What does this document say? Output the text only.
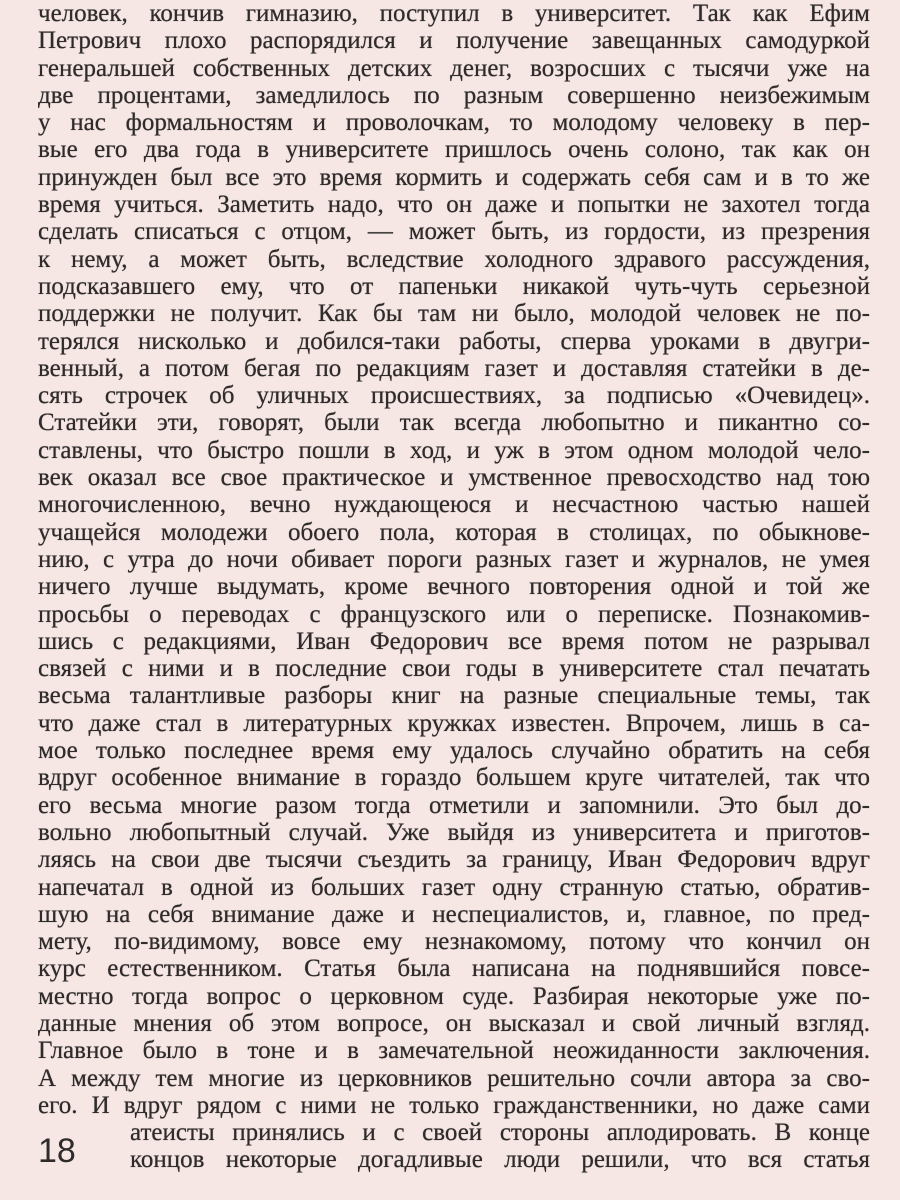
человек, кончив гимназию, поступил в университет. Так как Ефим
Петрович плохо распорядился и получение завещанных самодуркой
генеральшей собственных детских денег, возросших с тысячи уже на
две процентами, замедлилось по разным совершенно неизбежимым
у нас формальностям и проволочкам, то молодому человеку в пер-
вые его два года в университете пришлось очень солоно, так как он
принужден был все это время кормить и содержать себя сам и в то же
время учиться. Заметить надо, что он даже и попытки не захотел тогда
сделать списаться с отцом, — может быть, из гордости, из презрения
к нему, а может быть, вследствие холодного здравого рассуждения,
подсказавшего ему, что от папеньки никакой чуть-чуть серьезной
поддержки не получит. Как бы там ни было, молодой человек не по-
терялся нисколько и добился-таки работы, сперва уроками в двугри-
венный, а потом бегая по редакциям газет и доставляя статейки в де-
сять строчек об уличных происшествиях, за подписью «Очевидец».
Статейки эти, говорят, были так всегда любопытно и пикантно со-
ставлены, что быстро пошли в ход, и уж в этом одном молодой чело-
век оказал все свое практическое и умственное превосходство над тою
многочисленною, вечно нуждающеюся и несчастною частью нашей
учащейся молодежи обоего пола, которая в столицах, по обыкнове-
нию, с утра до ночи обивает пороги разных газет и журналов, не умея
ничего лучше выдумать, кроме вечного повторения одной и той же
просьбы о переводах с французского или о переписке. Познакомив-
шись с редакциями, Иван Федорович все время потом не разрывал
связей с ними и в последние свои годы в университете стал печатать
весьма талантливые разборы книг на разные специальные темы, так
что даже стал в литературных кружках известен. Впрочем, лишь в са-
мое только последнее время ему удалось случайно обратить на себя
вдруг особенное внимание в гораздо большем круге читателей, так что
его весьма многие разом тогда отметили и запомнили. Это был до-
вольно любопытный случай. Уже выйдя из университета и приготов-
ляясь на свои две тысячи съездить за границу, Иван Федорович вдруг
напечатал в одной из больших газет одну странную статью, обратив-
шую на себя внимание даже и неспециалистов, и, главное, по пред-
мету, по-видимому, вовсе ему незнакомому, потому что кончил он
курс естественником. Статья была написана на поднявшийся повсе-
местно тогда вопрос о церковном суде. Разбирая некоторые уже по-
данные мнения об этом вопросе, он высказал и свой личный взгляд.
Главное было в тоне и в замечательной неожиданности заключения.
А между тем многие из церковников решительно сочли автора за сво-
его. И вдруг рядом с ними не только гражданственники, но даже сами
атеисты принялись и с своей стороны аплодировать. В конце
концов некоторые догадливые люди решили, что вся статья
18
